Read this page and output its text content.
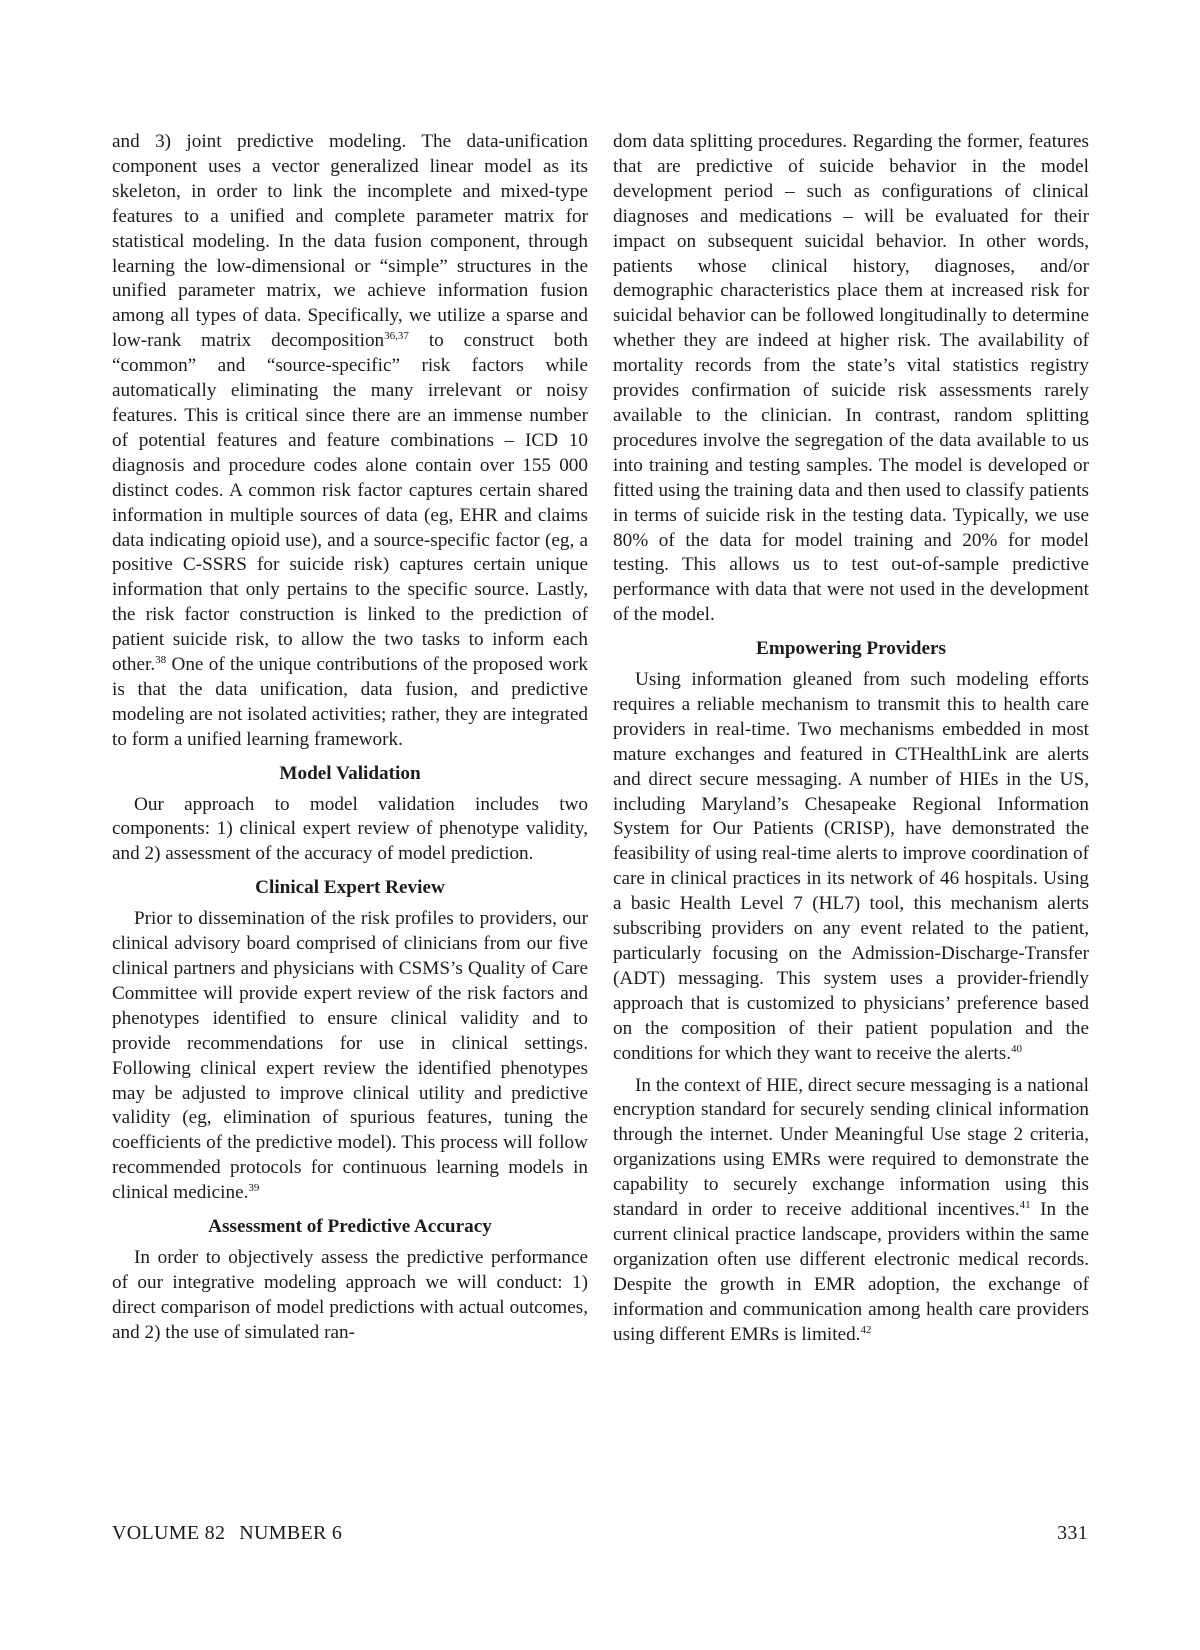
and 3) joint predictive modeling. The data-unification component uses a vector generalized linear model as its skeleton, in order to link the incomplete and mixed-type features to a unified and complete parameter matrix for statistical modeling. In the data fusion component, through learning the low-dimensional or “simple” structures in the unified parameter matrix, we achieve information fusion among all types of data. Specifically, we utilize a sparse and low-rank matrix decomposition$^{36,37}$ to construct both “common” and “source-specific” risk factors while automatically eliminating the many irrelevant or noisy features. This is critical since there are an immense number of potential features and feature combinations – ICD 10 diagnosis and procedure codes alone contain over 155 000 distinct codes. A common risk factor captures certain shared information in multiple sources of data (eg, EHR and claims data indicating opioid use), and a source-specific factor (eg, a positive C-SSRS for suicide risk) captures certain unique information that only pertains to the specific source. Lastly, the risk factor construction is linked to the prediction of patient suicide risk, to allow the two tasks to inform each other.$^{38}$ One of the unique contributions of the proposed work is that the data unification, data fusion, and predictive modeling are not isolated activities; rather, they are integrated to form a unified learning framework.

Model Validation

Our approach to model validation includes two components: 1) clinical expert review of phenotype validity, and 2) assessment of the accuracy of model prediction.

Clinical Expert Review

Prior to dissemination of the risk profiles to providers, our clinical advisory board comprised of clinicians from our five clinical partners and physicians with CSMS’s Quality of Care Committee will provide expert review of the risk factors and phenotypes identified to ensure clinical validity and to provide recommendations for use in clinical settings. Following clinical expert review the identified phenotypes may be adjusted to improve clinical utility and predictive validity (eg, elimination of spurious features, tuning the coefficients of the predictive model). This process will follow recommended protocols for continuous learning models in clinical medicine.$^{39}$

Assessment of Predictive Accuracy

In order to objectively assess the predictive performance of our integrative modeling approach we will conduct: 1) direct comparison of model predictions with actual outcomes, and 2) the use of simulated ran-

dom data splitting procedures. Regarding the former, features that are predictive of suicide behavior in the model development period – such as configurations of clinical diagnoses and medications – will be evaluated for their impact on subsequent suicidal behavior. In other words, patients whose clinical history, diagnoses, and/or demographic characteristics place them at increased risk for suicidal behavior can be followed longitudinally to determine whether they are indeed at higher risk. The availability of mortality records from the state’s vital statistics registry provides confirmation of suicide risk assessments rarely available to the clinician. In contrast, random splitting procedures involve the segregation of the data available to us into training and testing samples. The model is developed or fitted using the training data and then used to classify patients in terms of suicide risk in the testing data. Typically, we use 80% of the data for model training and 20% for model testing. This allows us to test out-of-sample predictive performance with data that were not used in the development of the model.

Empowering Providers

Using information gleaned from such modeling efforts requires a reliable mechanism to transmit this to health care providers in real-time. Two mechanisms embedded in most mature exchanges and featured in CTHealthLink are alerts and direct secure messaging. A number of HIEs in the US, including Maryland’s Chesapeake Regional Information System for Our Patients (CRISP), have demonstrated the feasibility of using real-time alerts to improve coordination of care in clinical practices in its network of 46 hospitals. Using a basic Health Level 7 (HL7) tool, this mechanism alerts subscribing providers on any event related to the patient, particularly focusing on the Admission-Discharge-Transfer (ADT) messaging. This system uses a provider-friendly approach that is customized to physicians’ preference based on the composition of their patient population and the conditions for which they want to receive the alerts.$^{40}$

In the context of HIE, direct secure messaging is a national encryption standard for securely sending clinical information through the internet. Under Meaningful Use stage 2 criteria, organizations using EMRs were required to demonstrate the capability to securely exchange information using this standard in order to receive additional incentives.$^{41}$ In the current clinical practice landscape, providers within the same organization often use different electronic medical records. Despite the growth in EMR adoption, the exchange of information and communication among health care providers using different EMRs is limited.$^{42}$

VOLUME 82 NUMBER 6	331
